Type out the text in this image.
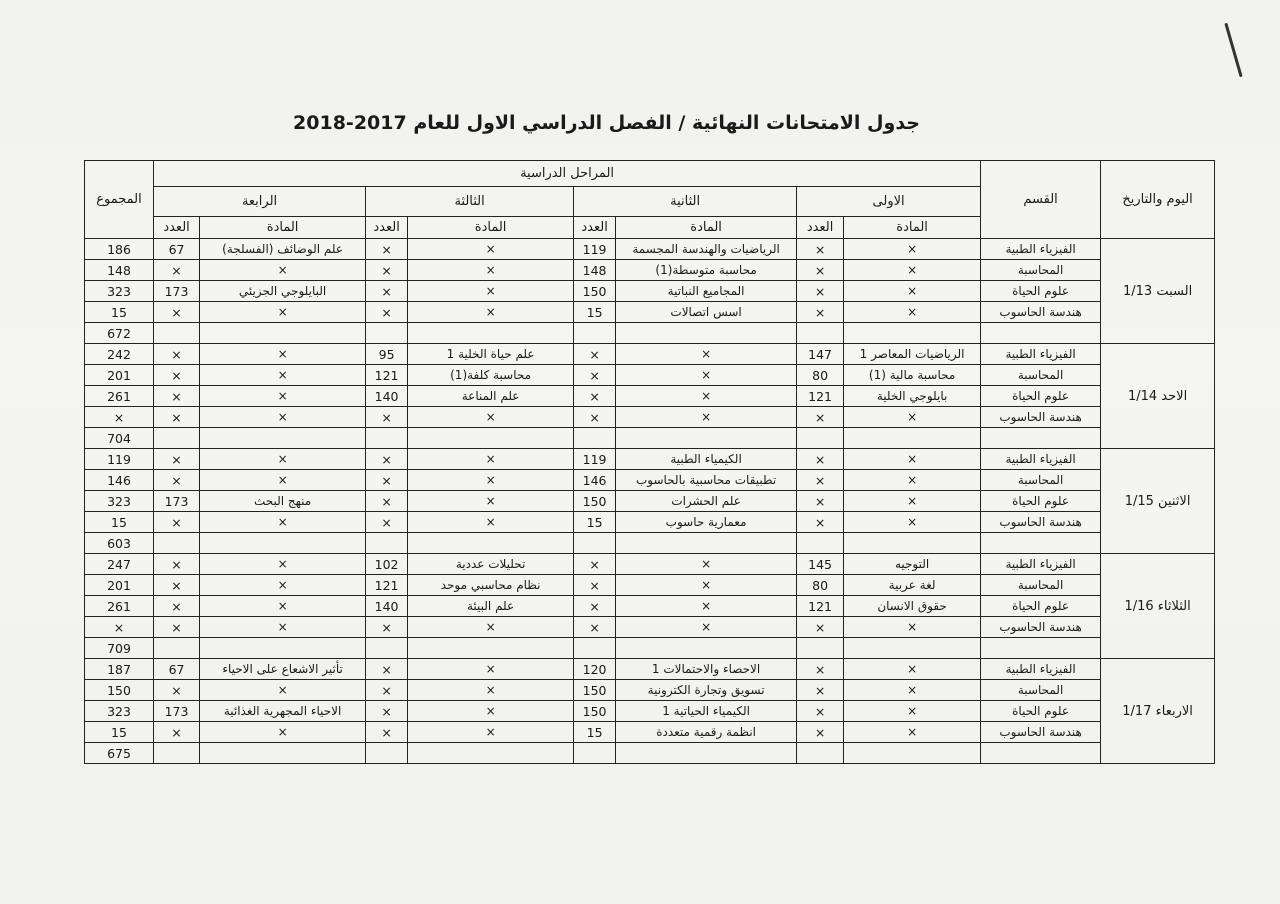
جدول الامتحانات النهائية / الفصل الدراسي الاول للعام 2017-2018
اليوم والتاريخ	القسم	المراحل الدراسية								المجموع
		الاولى		الثانية		الثالثة		الرابعة		
		المادة	العدد	المادة	العدد	المادة	العدد	المادة	العدد	
السبت 1/13	الفيزياء الطبية	×	×	الرياضيات والهندسة المجسمة	119	×	×	علم الوضائف (الفسلجة)	67	186
	المحاسبة	×	×	محاسبة متوسطة(1)	148	×	×	×	×	148
	علوم الحياة	×	×	المجاميع النباتية	150	×	×	البايلوجي الجزيئي	173	323
	هندسة الحاسوب	×	×	اسس اتصالات	15	×	×	×	×	15
										672
الاحد 1/14	الفيزياء الطبية	الرياضيات المعاصر 1	147	×	×	علم حياة الخلية 1	95	×	×	242
	المحاسبة	محاسبة مالية (1)	80	×	×	محاسبة كلفة(1)	121	×	×	201
	علوم الحياة	بايلوجي الخلية	121	×	×	علم المناعة	140	×	×	261
	هندسة الحاسوب	×	×	×	×	×	×	×	×	×
										704
الاثنين 1/15	الفيزياء الطبية	×	×	الكيمياء الطبية	119	×	×	×	×	119
	المحاسبة	×	×	تطبيقات محاسبية بالحاسوب	146	×	×	×	×	146
	علوم الحياة	×	×	علم الحشرات	150	×	×	منهج البحث	173	323
	هندسة الحاسوب	×	×	معمارية حاسوب	15	×	×	×	×	15
										603
الثلاثاء 1/16	الفيزياء الطبية	التوجيه	145	×	×	تحليلات عددية	102	×	×	247
	المحاسبة	لغة عربية	80	×	×	نظام محاسبي موحد	121	×	×	201
	علوم الحياة	حقوق الانسان	121	×	×	علم البيئة	140	×	×	261
	هندسة الحاسوب	×	×	×	×	×	×	×	×	×
										709
الاربعاء 1/17	الفيزياء الطبية	×	×	الاحصاء والاحتمالات 1	120	×	×	تأثير الاشعاع على الاحياء	67	187
	المحاسبة	×	×	تسويق وتجارة الكترونية	150	×	×	×	×	150
	علوم الحياة	×	×	الكيمياء الحياتية 1	150	×	×	الاحياء المجهرية الغذائية	173	323
	هندسة الحاسوب	×	×	انظمة رقمية متعددة	15	×	×	×	×	15
										675
